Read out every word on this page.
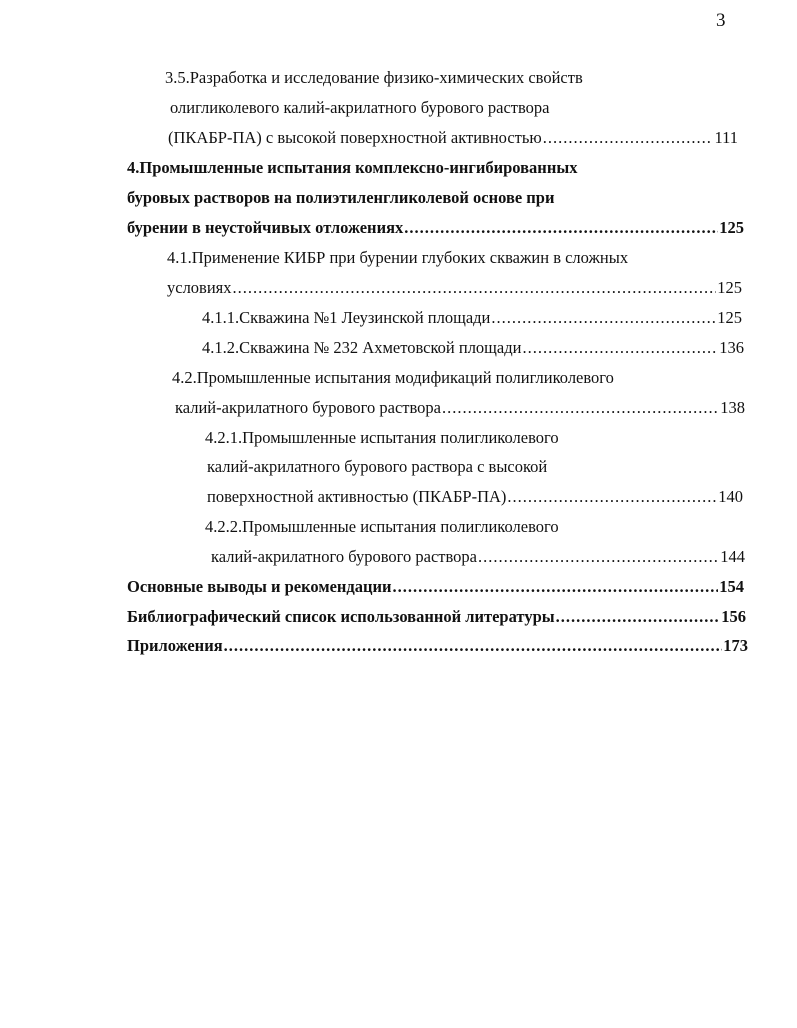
3
3.5.Разработка и исследование физико-химических свойств
олигликолевого калий-акрилатного бурового раствора
(ПКАБР-ПА) с высокой поверхностной активностью .....	111
4.Промышленные испытания комплексно-ингибированных
буровых растворов на полиэтиленгликолевой основе при
бурении в неустойчивых отложениях .....	125
4.1.Применение КИБР при бурении глубоких скважин в сложных
условиях .....	125
4.1.1.Скважина №1 Леузинской площади .....	125
4.1.2.Скважина № 232 Ахметовской площади .....	136
4.2.Промышленные испытания модификаций полигликолевого
калий-акрилатного бурового раствора .....	138
4.2.1.Промышленные испытания полигликолевого
калий-акрилатного бурового раствора с высокой
поверхностной активностью (ПКАБР-ПА) .....	140
4.2.2.Промышленные испытания полигликолевого
калий-акрилатного бурового раствора .....	144
Основные выводы и рекомендации .....	154
Библиографический список использованной литературы .....	156
Приложения .....	173
